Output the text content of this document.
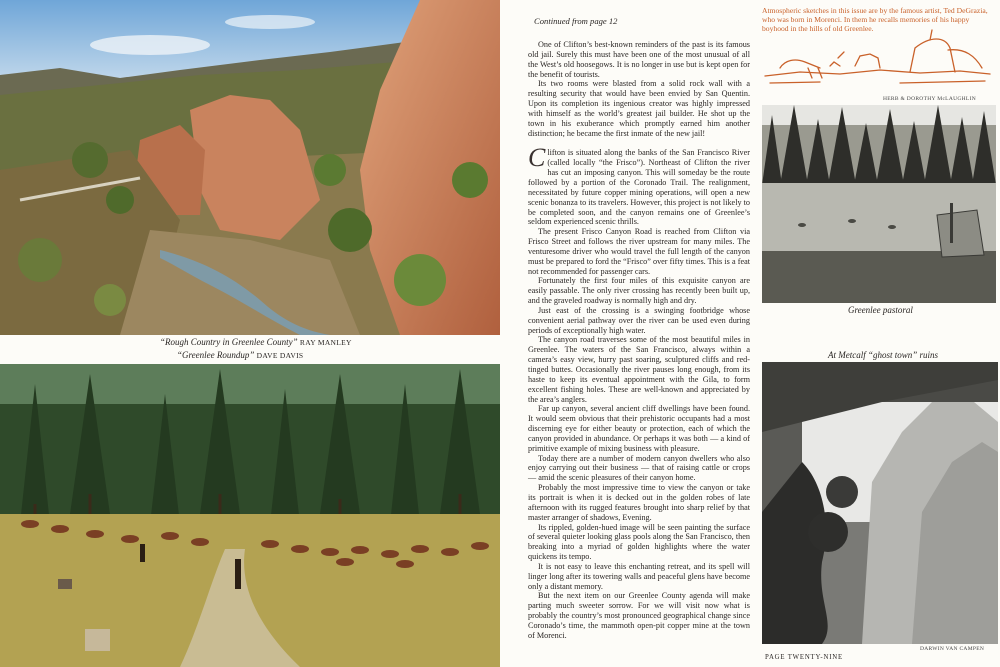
“Rough Country in Greenlee County” RAY MANLEY
“Greenlee Roundup” DAVE DAVIS
Continued from page 12

One of Clifton’s best-known reminders of the past is its famous old jail. Surely this must have been one of the most unusual of all the West’s old hoosegows. It is no longer in use but is kept open for the benefit of tourists.

Its two rooms were blasted from a solid rock wall with a resulting security that would have been envied by San Quentin. Upon its completion its ingenious creator was highly impressed with himself as the world’s greatest jail builder. He shot up the town in his exuberance which promptly earned him another distinction; he became the first inmate of the new jail!

Clifton is situated along the banks of the San Francisco River (called locally “the Frisco”). Northeast of Clifton the river has cut an imposing canyon. This will someday be the route followed by a portion of the Coronado Trail. The realignment, necessitated by future copper mining operations, will open a new scenic bonanza to its travelers. However, this project is not likely to be completed soon, and the canyon remains one of Greenlee’s seldom experienced scenic thrills.

The present Frisco Canyon Road is reached from Clifton via Frisco Street and follows the river upstream for many miles. The venturesome driver who would travel the full length of the canyon must be prepared to ford the “Frisco” over fifty times. This is a feat not recommended for passenger cars.

Fortunately the first four miles of this exquisite canyon are easily passable. The only river crossing has recently been built up, and the graveled roadway is normally high and dry.

Just east of the crossing is a swinging footbridge whose convenient aerial pathway over the river can be used even during periods of exceptionally high water.

The canyon road traverses some of the most beautiful miles in Greenlee. The waters of the San Francisco, always within a camera’s easy view, hurry past soaring, sculptured cliffs and red-tinged buttes. Occasionally the river pauses long enough, from its haste to keep its eventual appointment with the Gila, to form excellent fishing holes. These are well-known and appreciated by the area’s anglers.

Far up canyon, several ancient cliff dwellings have been found. It would seem obvious that their prehistoric occupants had a most discerning eye for either beauty or protection, each of which the canyon provided in abundance. Or perhaps it was both — a kind of primitive example of mixing business with pleasure.

Today there are a number of modern canyon dwellers who also enjoy carrying out their business — that of raising cattle or crops — amid the scenic pleasures of their canyon home.

Probably the most impressive time to view the canyon or take its portrait is when it is decked out in the golden robes of late afternoon with its rugged features brought into sharp relief by that master arranger of shadows, Evening.

Its rippled, golden-hued image will be seen painting the surface of several quieter looking glass pools along the San Francisco, then breaking into a myriad of golden highlights where the water quickens its tempo.

It is not easy to leave this enchanting retreat, and its spell will linger long after its towering walls and peaceful glens have become only a distant memory.

But the next item on our Greenlee County agenda will make parting much sweeter sorrow. For we will visit now what is probably the country’s most pronounced geographical change since Coronado’s time, the mammoth open-pit copper mine at the town of Morenci.

Atmospheric sketches in this issue are by the famous artist, Ted DeGrazia, who was born in Morenci. In them he recalls memories of his happy boyhood in the hills of old Greenlee.
HERB & DOROTHY McLAUGHLIN
Greenlee pastoral
At Metcalf “ghost town” ruins
DARWIN VAN CAMPEN
PAGE TWENTY-NINE
